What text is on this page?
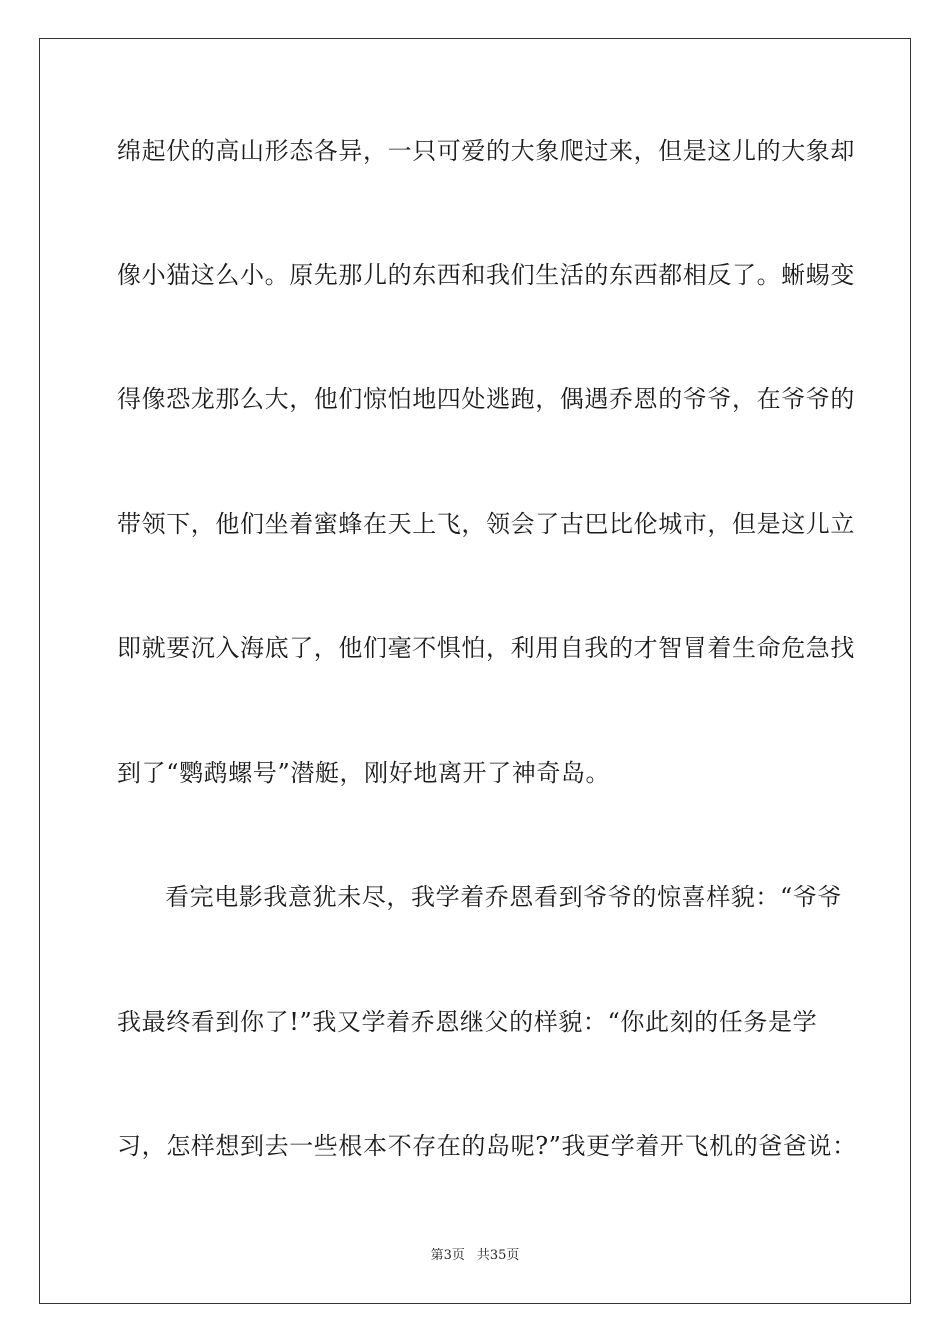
绵起伏的高山形态各异，一只可爱的大象爬过来，但是这儿的大象却
像小猫这么小。原先那儿的东西和我们生活的东西都相反了。蜥蜴变
得像恐龙那么大，他们惊怕地四处逃跑，偶遇乔恩的爷爷，在爷爷的
带领下，他们坐着蜜蜂在天上飞，领会了古巴比伦城市，但是这儿立
即就要沉入海底了，他们毫不惧怕，利用自我的才智冒着生命危急找
到了“鹦鹉螺号”潜艇，刚好地离开了神奇岛。
看完电影我意犹未尽，我学着乔恩看到爷爷的惊喜样貌：“爷爷
我最终看到你了!”我又学着乔恩继父的样貌：“你此刻的任务是学
习，怎样想到去一些根本不存在的岛呢?”我更学着开飞机的爸爸说：
第3页 共35页
